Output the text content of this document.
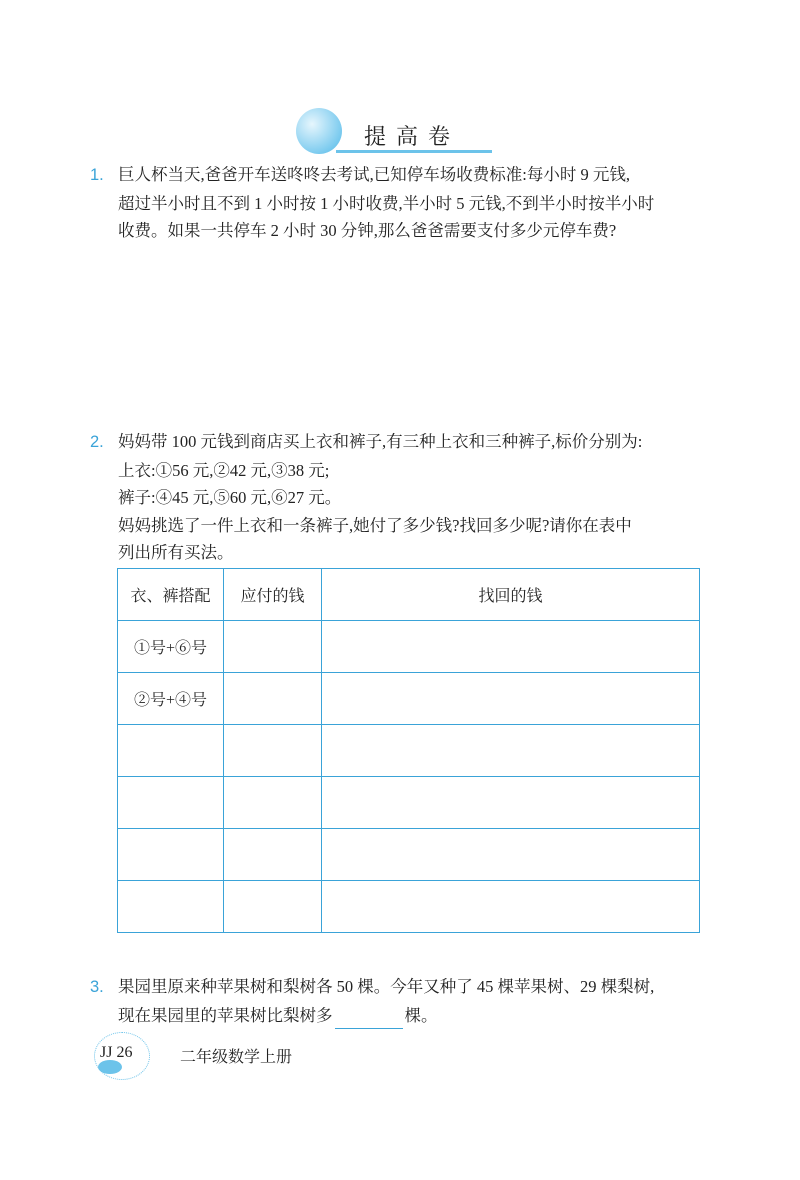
提高卷
1. 巨人杯当天,爸爸开车送咚咚去考试,已知停车场收费标准:每小时 9 元钱,
超过半小时且不到 1 小时按 1 小时收费,半小时 5 元钱,不到半小时按半小时
收费。如果一共停车 2 小时 30 分钟,那么爸爸需要支付多少元停车费?
2. 妈妈带 100 元钱到商店买上衣和裤子,有三种上衣和三种裤子,标价分别为:
上衣:①56 元,②42 元,③38 元;
裤子:④45 元,⑤60 元,⑥27 元。
妈妈挑选了一件上衣和一条裤子,她付了多少钱?找回多少呢?请你在表中
列出所有买法。
衣、裤搭配	应付的钱	找回的钱
①号+⑥号		
②号+④号		

3. 果园里原来种苹果树和梨树各 50 棵。今年又种了 45 棵苹果树、29 棵梨树,
现在果园里的苹果树比梨树多	棵。
JJ 26	二年级数学上册
